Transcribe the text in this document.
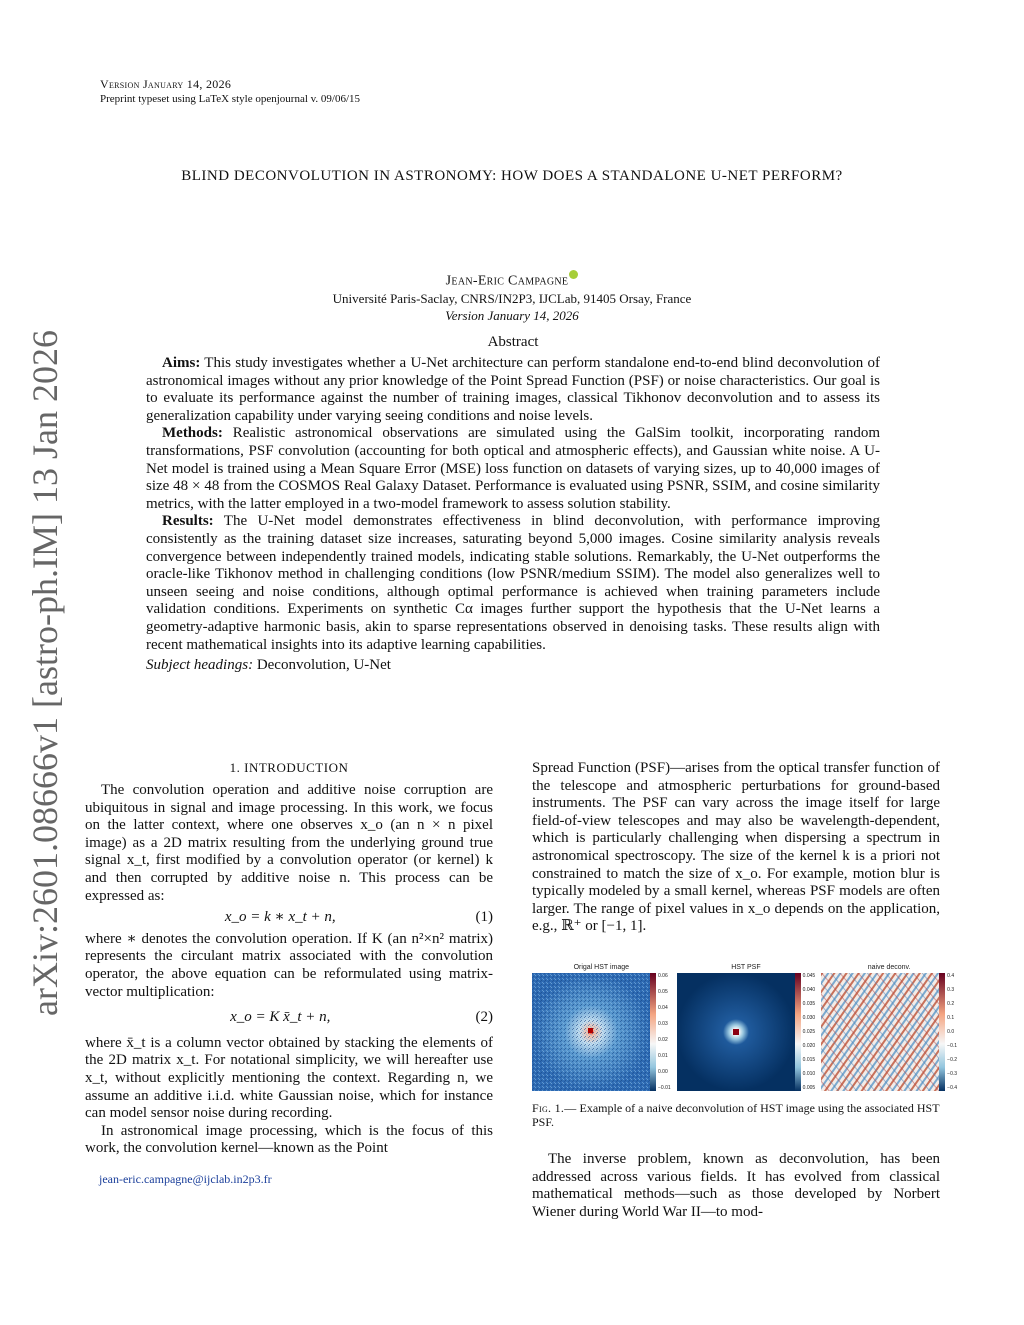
Version January 14, 2026
Preprint typeset using LaTeX style openjournal v. 09/06/15
BLIND DECONVOLUTION IN ASTRONOMY: HOW DOES A STANDALONE U-NET PERFORM?
Jean-Eric Campagne
Université Paris-Saclay, CNRS/IN2P3, IJCLab, 91405 Orsay, France
Version January 14, 2026
arXiv:2601.08666v1 [astro-ph.IM] 13 Jan 2026	Abstract

Aims: This study investigates whether a U-Net architecture can perform standalone end-to-end blind deconvolution of astronomical images without any prior knowledge of the Point Spread Function (PSF) or noise characteristics. Our goal is to evaluate its performance against the number of training images, classical Tikhonov deconvolution and to assess its generalization capability under varying seeing conditions and noise levels.

Methods: Realistic astronomical observations are simulated using the GalSim toolkit, incorporating random transformations, PSF convolution (accounting for both optical and atmospheric effects), and Gaussian white noise. A U-Net model is trained using a Mean Square Error (MSE) loss function on datasets of varying sizes, up to 40,000 images of size 48 × 48 from the COSMOS Real Galaxy Dataset. Performance is evaluated using PSNR, SSIM, and cosine similarity metrics, with the latter employed in a two-model framework to assess solution stability.

Results: The U-Net model demonstrates effectiveness in blind deconvolution, with performance improving consistently as the training dataset size increases, saturating beyond 5,000 images. Cosine similarity analysis reveals convergence between independently trained models, indicating stable solutions. Remarkably, the U-Net outperforms the oracle-like Tikhonov method in challenging conditions (low PSNR/medium SSIM). The model also generalizes well to unseen seeing and noise conditions, although optimal performance is achieved when training parameters include validation conditions. Experiments on synthetic Cα images further support the hypothesis that the U-Net learns a geometry-adaptive harmonic basis, akin to sparse representations observed in denoising tasks. These results align with recent mathematical insights into its adaptive learning capabilities.

Subject headings: Deconvolution, U-Net

1. INTRODUCTION

The convolution operation and additive noise corruption are ubiquitous in signal and image processing. In this work, we focus on the latter context, where one observes x_o (an n × n pixel image) as a 2D matrix resulting from the underlying ground true signal x_t, first modified by a convolution operator (or kernel) k and then corrupted by additive noise n. This process can be expressed as:

x_o = k ∗ x_t + n,	(1)

where ∗ denotes the convolution operation. If K (an n²×n² matrix) represents the circulant matrix associated with the convolution operator, the above equation can be reformulated using matrix-vector multiplication:

x_o = K x̄_t + n,	(2)

where x̄_t is a column vector obtained by stacking the elements of the 2D matrix x_t. For notational simplicity, we will hereafter use x_t, without explicitly mentioning the context. Regarding n, we assume an additive i.i.d. white Gaussian noise, which for instance can model sensor noise during recording.

In astronomical image processing, which is the focus of this work, the convolution kernel—known as the Point

jean-eric.campagne@ijclab.in2p3.fr

Spread Function (PSF)—arises from the optical transfer function of the telescope and atmospheric perturbations for ground-based instruments. The PSF can vary across the image itself for large field-of-view telescopes and may also be wavelength-dependent, which is particularly challenging when dispersing a spectrum in astronomical spectroscopy. The size of the kernel k is a priori not constrained to match the size of x_o. For example, motion blur is typically modeled by a small kernel, whereas PSF models are often larger. The range of pixel values in x_o depends on the application, e.g., ℝ⁺ or [−1, 1].

Origal HST image
0.06
0.05
0.04
0.03
0.02
0.01
0.00
−0.01
HST PSF
0.045
0.040
0.035
0.030
0.025
0.020
0.015
0.010
0.005
naive deconv.
0.4
0.3
0.2
0.1
0.0
−0.1
−0.2
−0.3
−0.4
Fig. 1.— Example of a naive deconvolution of HST image using the associated HST PSF.

The inverse problem, known as deconvolution, has been addressed across various fields. It has evolved from classical mathematical methods—such as those developed by Norbert Wiener during World War II—to mod-
